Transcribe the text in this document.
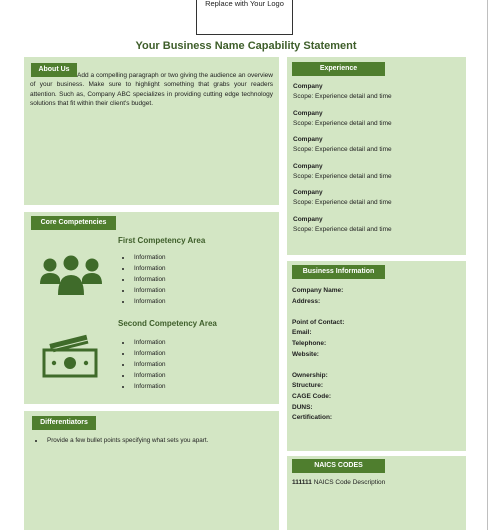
Replace with Your Logo
Your Business Name Capability Statement
About Us
Add a compelling paragraph or two giving the audience an overview of your business. Make sure to highlight something that grabs your readers attention. Such as, Company ABC specializes in providing cutting edge technology solutions that fit within their client's budget.
Core Competencies
First Competency Area
• Information
• Information
• Information
• Information
• Information
Second Competency Area
• Information
• Information
• Information
• Information
• Information
Differentiators
• Provide a few bullet points specifying what sets you apart.
Experience
Company
Scope: Experience detail and time
Company
Scope: Experience detail and time
Company
Scope: Experience detail and time
Company
Scope: Experience detail and time
Company
Scope: Experience detail and time
Company
Scope: Experience detail and time
Business Information
Company Name:
Address:
Point of Contact:
Email:
Telephone:
Website:
Ownership:
Structure:
CAGE Code:
DUNS:
Certification:
NAICS CODES
111111 NAICS Code Description
